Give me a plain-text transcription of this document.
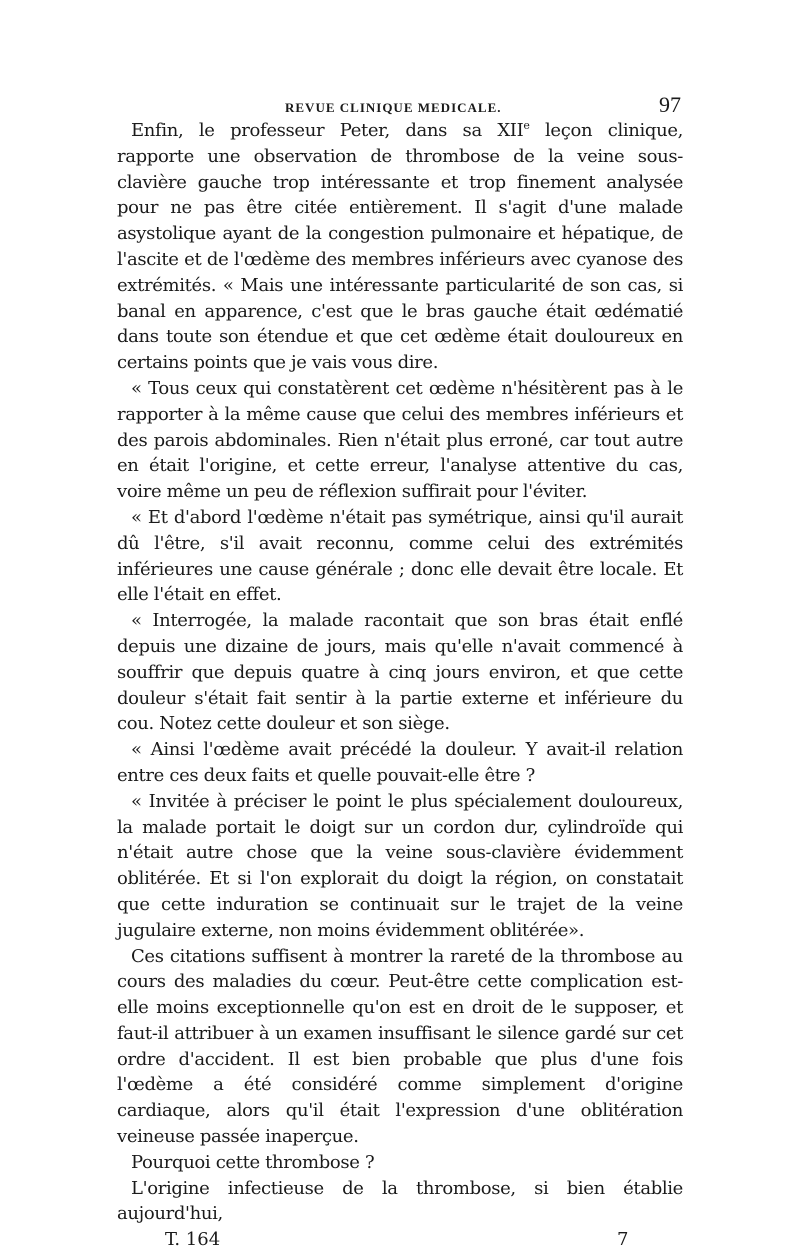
REVUE CLINIQUE MEDICALE.	97

Enfin, le professeur Peter, dans sa XIIe leçon clinique, rapporte une observation de thrombose de la veine sous-clavière gauche trop intéressante et trop finement analysée pour ne pas être citée entièrement. Il s'agit d'une malade asystolique ayant de la congestion pulmonaire et hépatique, de l'ascite et de l'œdème des membres inférieurs avec cyanose des extrémités. « Mais une intéressante particularité de son cas, si banal en apparence, c'est que le bras gauche était œdématié dans toute son étendue et que cet œdème était douloureux en certains points que je vais vous dire.

« Tous ceux qui constatèrent cet œdème n'hésitèrent pas à le rapporter à la même cause que celui des membres inférieurs et des parois abdominales. Rien n'était plus erroné, car tout autre en était l'origine, et cette erreur, l'analyse attentive du cas, voire même un peu de réflexion suffirait pour l'éviter.

« Et d'abord l'œdème n'était pas symétrique, ainsi qu'il aurait dû l'être, s'il avait reconnu, comme celui des extrémités inférieures une cause générale ; donc elle devait être locale. Et elle l'était en effet.

« Interrogée, la malade racontait que son bras était enflé depuis une dizaine de jours, mais qu'elle n'avait commencé à souffrir que depuis quatre à cinq jours environ, et que cette douleur s'était fait sentir à la partie externe et inférieure du cou. Notez cette douleur et son siège.

« Ainsi l'œdème avait précédé la douleur. Y avait-il relation entre ces deux faits et quelle pouvait-elle être ?

« Invitée à préciser le point le plus spécialement douloureux, la malade portait le doigt sur un cordon dur, cylindroïde qui n'était autre chose que la veine sous-clavière évidemment oblitérée. Et si l'on explorait du doigt la région, on constatait que cette induration se continuait sur le trajet de la veine jugulaire externe, non moins évidemment oblitérée».

Ces citations suffisent à montrer la rareté de la thrombose au cours des maladies du cœur. Peut-être cette complication est-elle moins exceptionnelle qu'on est en droit de le supposer, et faut-il attribuer à un examen insuffisant le silence gardé sur cet ordre d'accident. Il est bien probable que plus d'une fois l'œdème a été considéré comme simplement d'origine cardiaque, alors qu'il était l'expression d'une oblitération veineuse passée inaperçue.

Pourquoi cette thrombose ?

L'origine infectieuse de la thrombose, si bien établie aujourd'hui,

T. 164	7
